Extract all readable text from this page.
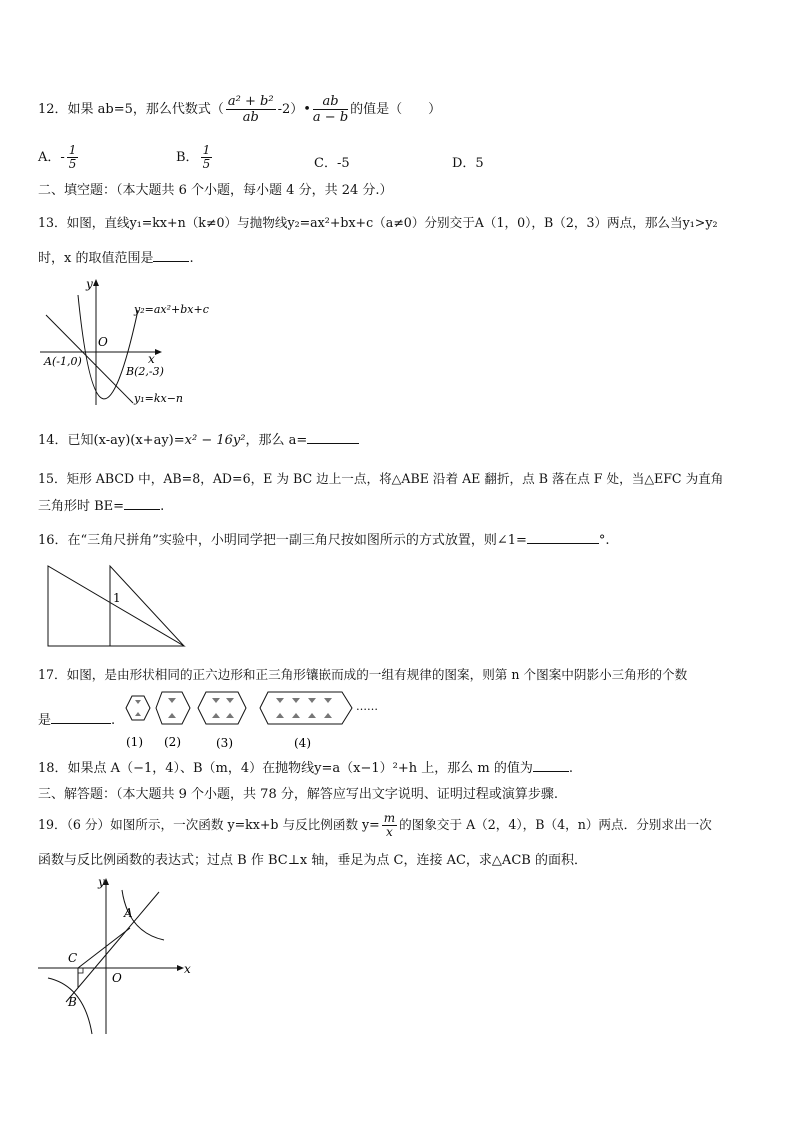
12．如果 ab=5，那么代数式（ $\frac{\text{a² + b²}}{ab}$ -2）• $\frac{ab}{a - b}$ 的值是（　　）
A．- $\frac{1}{5}$	B． $\frac{1}{5}$	C．-5	D．5
二、填空题：（本大题共 6 个小题，每小题 4 分，共 24 分.）
13．如图，直线y₁=kx+n（k≠0）与抛物线y₂=ax²+bx+c（a≠0）分别交于A（1，0），B（2，3）两点，那么当y₁>y₂
时，x 的取值范围是	.
y
x
O
A(-1,0)
B(2,-3)
y₂=ax²+bx+c
y₁=kx−n
14．已知(x-ay)(x+ay)=x² − 16y²，那么 a=
15．矩形 ABCD 中，AB=8，AD=6，E 为 BC 边上一点，将△ABE 沿着 AE 翻折，点 B 落在点 F 处，当△EFC 为直角
三角形时 BE=	.
16．在“三角尺拼角”实验中，小明同学把一副三角尺按如图所示的方式放置，则∠1=	°.
1
17．如图，是由形状相同的正六边形和正三角形镶嵌而成的一组有规律的图案，则第 n 个图案中阴影小三角形的个数
是	.
……
(1) (2)	(3)	(4)
18．如果点 A（−1，4）、B（m，4）在抛物线y=a（x−1）²+h 上，那么 m 的值为	.
三、解答题：（本大题共 9 个小题，共 78 分，解答应写出文字说明、证明过程或演算步骤.
19．（6 分）如图所示，一次函数 y=kx+b 与反比例函数 $y= \frac{m}{x}$ 的图象交于 A（2，4），B（4，n）两点．分别求出一次
函数与反比例函数的表达式；过点 B 作 BC⊥x 轴，垂足为点 C，连接 AC，求△ACB 的面积．
y
x
O
A
B
C
